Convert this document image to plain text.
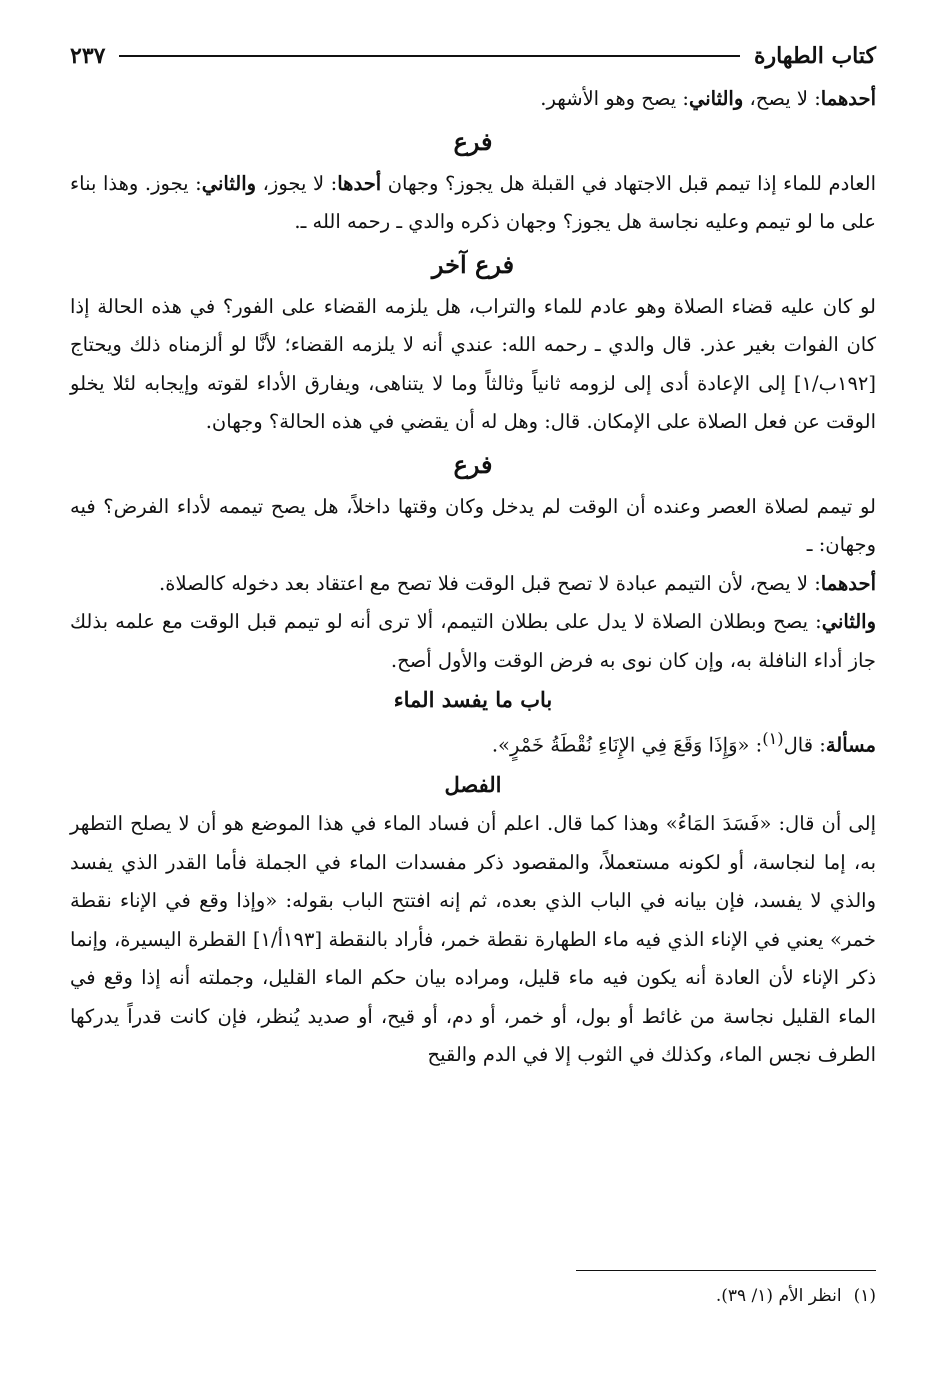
كتاب الطهارة
٢٣٧

أحدهما: لا يصح، والثاني: يصح وهو الأشهر.

فرع

العادم للماء إذا تيمم قبل الاجتهاد في القبلة هل يجوز؟ وجهان أحدها: لا يجوز، والثاني: يجوز. وهذا بناء على ما لو تيمم وعليه نجاسة هل يجوز؟ وجهان ذكره والدي ـ رحمه الله ـ.

فرع آخر

لو كان عليه قضاء الصلاة وهو عادم للماء والتراب، هل يلزمه القضاء على الفور؟ في هذه الحالة إذا كان الفوات بغير عذر. قال والدي ـ رحمه الله: عندي أنه لا يلزمه القضاء؛ لأنَّا لو ألزمناه ذلك ويحتاج [١٩٢ب/١] إلى الإعادة أدى إلى لزومه ثانياً وثالثاً وما لا يتناهى، ويفارق الأداء لقوته وإيجابه لئلا يخلو الوقت عن فعل الصلاة على الإمكان. قال: وهل له أن يقضي في هذه الحالة؟ وجهان.

فرع

لو تيمم لصلاة العصر وعنده أن الوقت لم يدخل وكان وقتها داخلاً، هل يصح تيممه لأداء الفرض؟ فيه وجهان: ـ

أحدهما: لا يصح، لأن التيمم عبادة لا تصح قبل الوقت فلا تصح مع اعتقاد بعد دخوله كالصلاة.

والثاني: يصح وبطلان الصلاة لا يدل على بطلان التيمم، ألا ترى أنه لو تيمم قبل الوقت مع علمه بذلك جاز أداء النافلة به، وإن كان نوى به فرض الوقت والأول أصح.

باب ما يفسد الماء

مسألة: قال$^{(١)}$: «وَإِذَا وَقَعَ فِي الإِنَاءِ نُقْطَةُ خَمْرٍ».

الفصل

إلى أن قال: «فَسَدَ المَاءُ» وهذا كما قال. اعلم أن فساد الماء في هذا الموضع هو أن لا يصلح التطهر به، إما لنجاسة، أو لكونه مستعملاً، والمقصود ذكر مفسدات الماء في الجملة فأما القدر الذي يفسد والذي لا يفسد، فإن بيانه في الباب الذي بعده، ثم إنه افتتح الباب بقوله: «وإذا وقع في الإناء نقطة خمر» يعني في الإناء الذي فيه ماء الطهارة نقطة خمر، فأراد بالنقطة [١٩٣أ/١] القطرة اليسيرة، وإنما ذكر الإناء لأن العادة أنه يكون فيه ماء قليل، ومراده بيان حكم الماء القليل، وجملته أنه إذا وقع في الماء القليل نجاسة من غائط أو بول، أو خمر، أو دم، أو قيح، أو صديد يُنظر، فإن كانت قدراً يدركها الطرف نجس الماء، وكذلك في الثوب إلا في الدم والقيح

(١)انظر الأم (١/ ٣٩).
